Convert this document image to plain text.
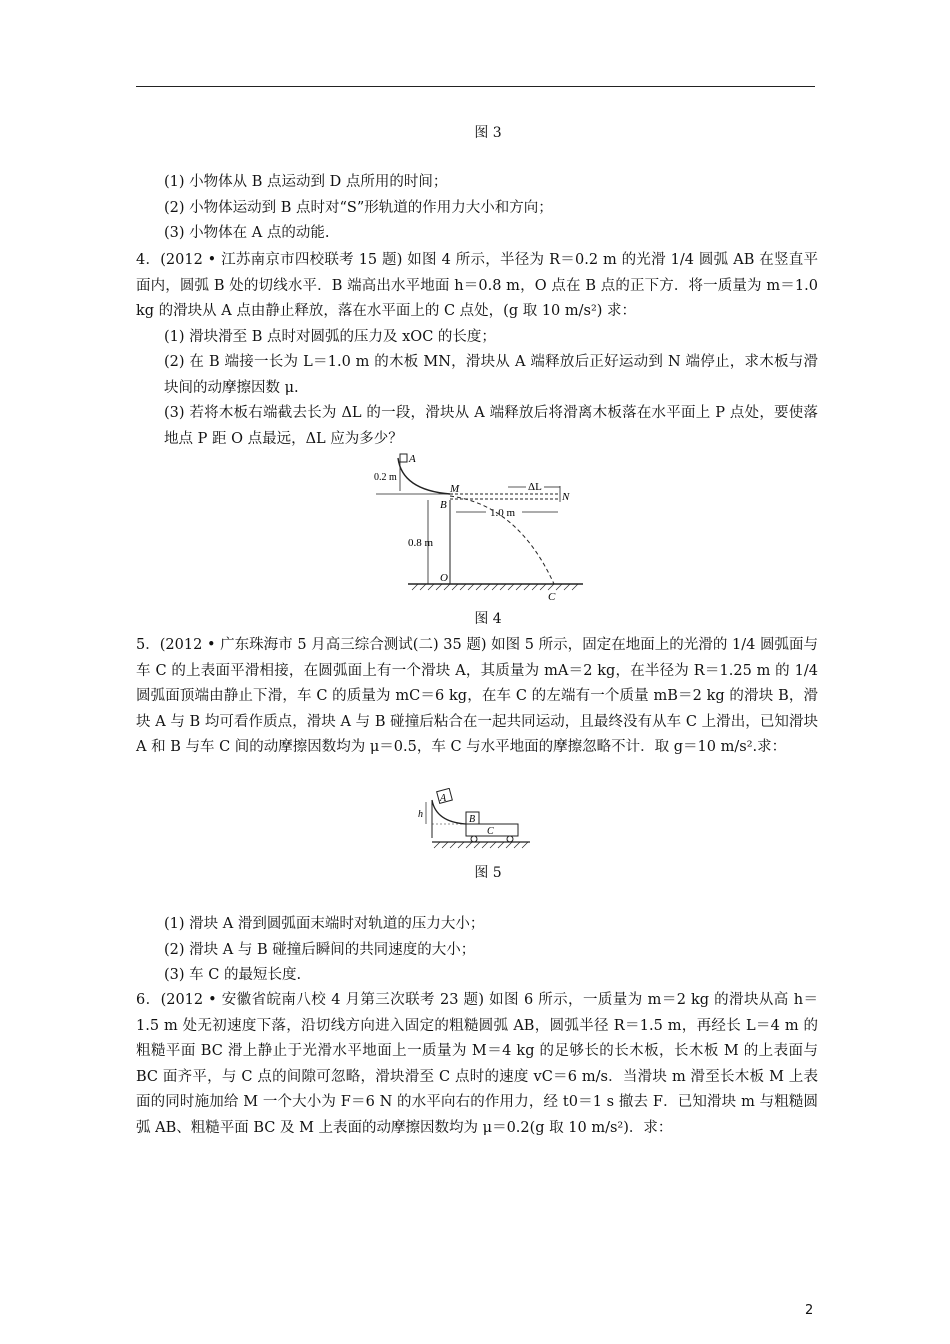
图 3
(1) 小物体从 B 点运动到 D 点所用的时间；
(2) 小物体运动到 B 点时对“S”形轨道的作用力大小和方向；
(3) 小物体在 A 点的动能.
4．(2012 • 江苏南京市四校联考 15 题) 如图 4 所示，半径为 R＝0.2 m 的光滑 1/4 圆弧 AB 在竖直平面内，圆弧 B 处的切线水平．B 端高出水平地面 h＝0.8 m，O 点在 B 点的正下方．将一质量为 m＝1.0 kg 的滑块从 A 点由静止释放，落在水平面上的 C 点处，(g 取 10 m/s²) 求：
(1) 滑块滑至 B 点时对圆弧的压力及 xOC 的长度；
(2) 在 B 端接一长为 L＝1.0 m 的木板 MN，滑块从 A 端释放后正好运动到 N 端停止，求木板与滑块间的动摩擦因数 μ.
(3) 若将木板右端截去长为 ΔL 的一段，滑块从 A 端释放后将滑离木板落在水平面上 P 点处，要使落地点 P 距 O 点最远，ΔL 应为多少？
A
0.2 m
M
B
ΔL
N
1.0 m
0.8 m
O
C
图 4
5．(2012 • 广东珠海市 5 月高三综合测试(二) 35 题) 如图 5 所示，固定在地面上的光滑的 1/4 圆弧面与车 C 的上表面平滑相接，在圆弧面上有一个滑块 A，其质量为 mA＝2 kg，在半径为 R＝1.25 m 的 1/4 圆弧面顶端由静止下滑，车 C 的质量为 mC＝6 kg，在车 C 的左端有一个质量 mB＝2 kg 的滑块 B，滑块 A 与 B 均可看作质点，滑块 A 与 B 碰撞后粘合在一起共同运动，且最终没有从车 C 上滑出，已知滑块 A 和 B 与车 C 间的动摩擦因数均为 μ＝0.5，车 C 与水平地面的摩擦忽略不计．取 g＝10 m/s².求：
A
h	B
C
图 5
(1) 滑块 A 滑到圆弧面末端时对轨道的压力大小；
(2) 滑块 A 与 B 碰撞后瞬间的共同速度的大小；
(3) 车 C 的最短长度.
6．(2012 • 安徽省皖南八校 4 月第三次联考 23 题) 如图 6 所示，一质量为 m＝2 kg 的滑块从高 h＝1.5 m 处无初速度下落，沿切线方向进入固定的粗糙圆弧 AB，圆弧半径 R＝1.5 m，再经长 L＝4 m 的粗糙平面 BC 滑上静止于光滑水平地面上一质量为 M＝4 kg 的足够长的长木板，长木板 M 的上表面与 BC 面齐平，与 C 点的间隙可忽略，滑块滑至 C 点时的速度 vC＝6 m/s．当滑块 m 滑至长木板 M 上表面的同时施加给 M 一个大小为 F＝6 N 的水平向右的作用力，经 t0＝1 s 撤去 F．已知滑块 m 与粗糙圆弧 AB、粗糙平面 BC 及 M 上表面的动摩擦因数均为 μ＝0.2(g 取 10 m/s²)．求：
2
